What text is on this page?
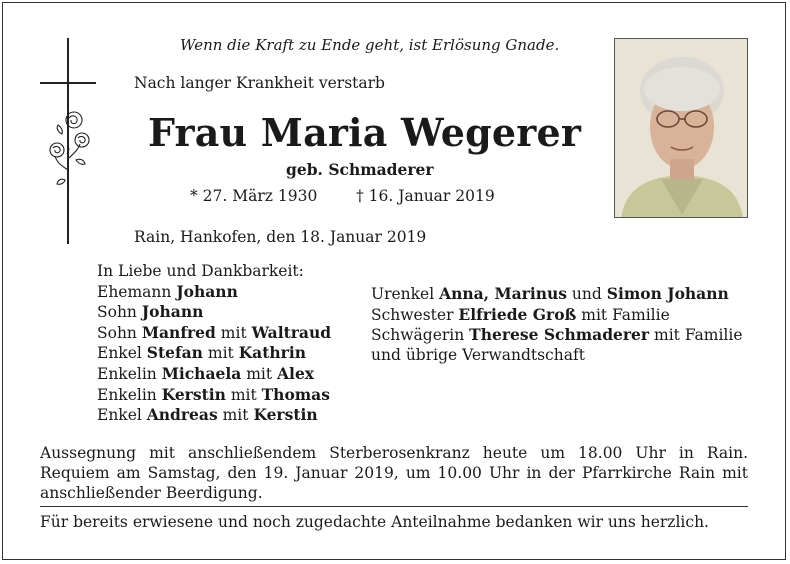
Wenn die Kraft zu Ende geht, ist Erlösung Gnade.
Nach langer Krankheit verstarb
Frau Maria Wegerer
geb. Schmaderer
* 27. März 1930 † 16. Januar 2019
Rain, Hankofen, den 18. Januar 2019
In Liebe und Dankbarkeit:
Ehemann Johann
Sohn Johann
Sohn Manfred mit Waltraud
Enkel Stefan mit Kathrin
Enkelin Michaela mit Alex
Enkelin Kerstin mit Thomas
Enkel Andreas mit Kerstin
Urenkel Anna, Marinus und Simon Johann
Schwester Elfriede Groß mit Familie
Schwägerin Therese Schmaderer mit Familie
und übrige Verwandtschaft
Aussegnung mit anschließendem Sterberosenkranz heute um 18.00 Uhr in Rain. Requiem am Samstag, den 19. Januar 2019, um 10.00 Uhr in der Pfarrkirche Rain mit anschließender Beerdigung.
Für bereits erwiesene und noch zugedachte Anteilnahme bedanken wir uns herzlich.
